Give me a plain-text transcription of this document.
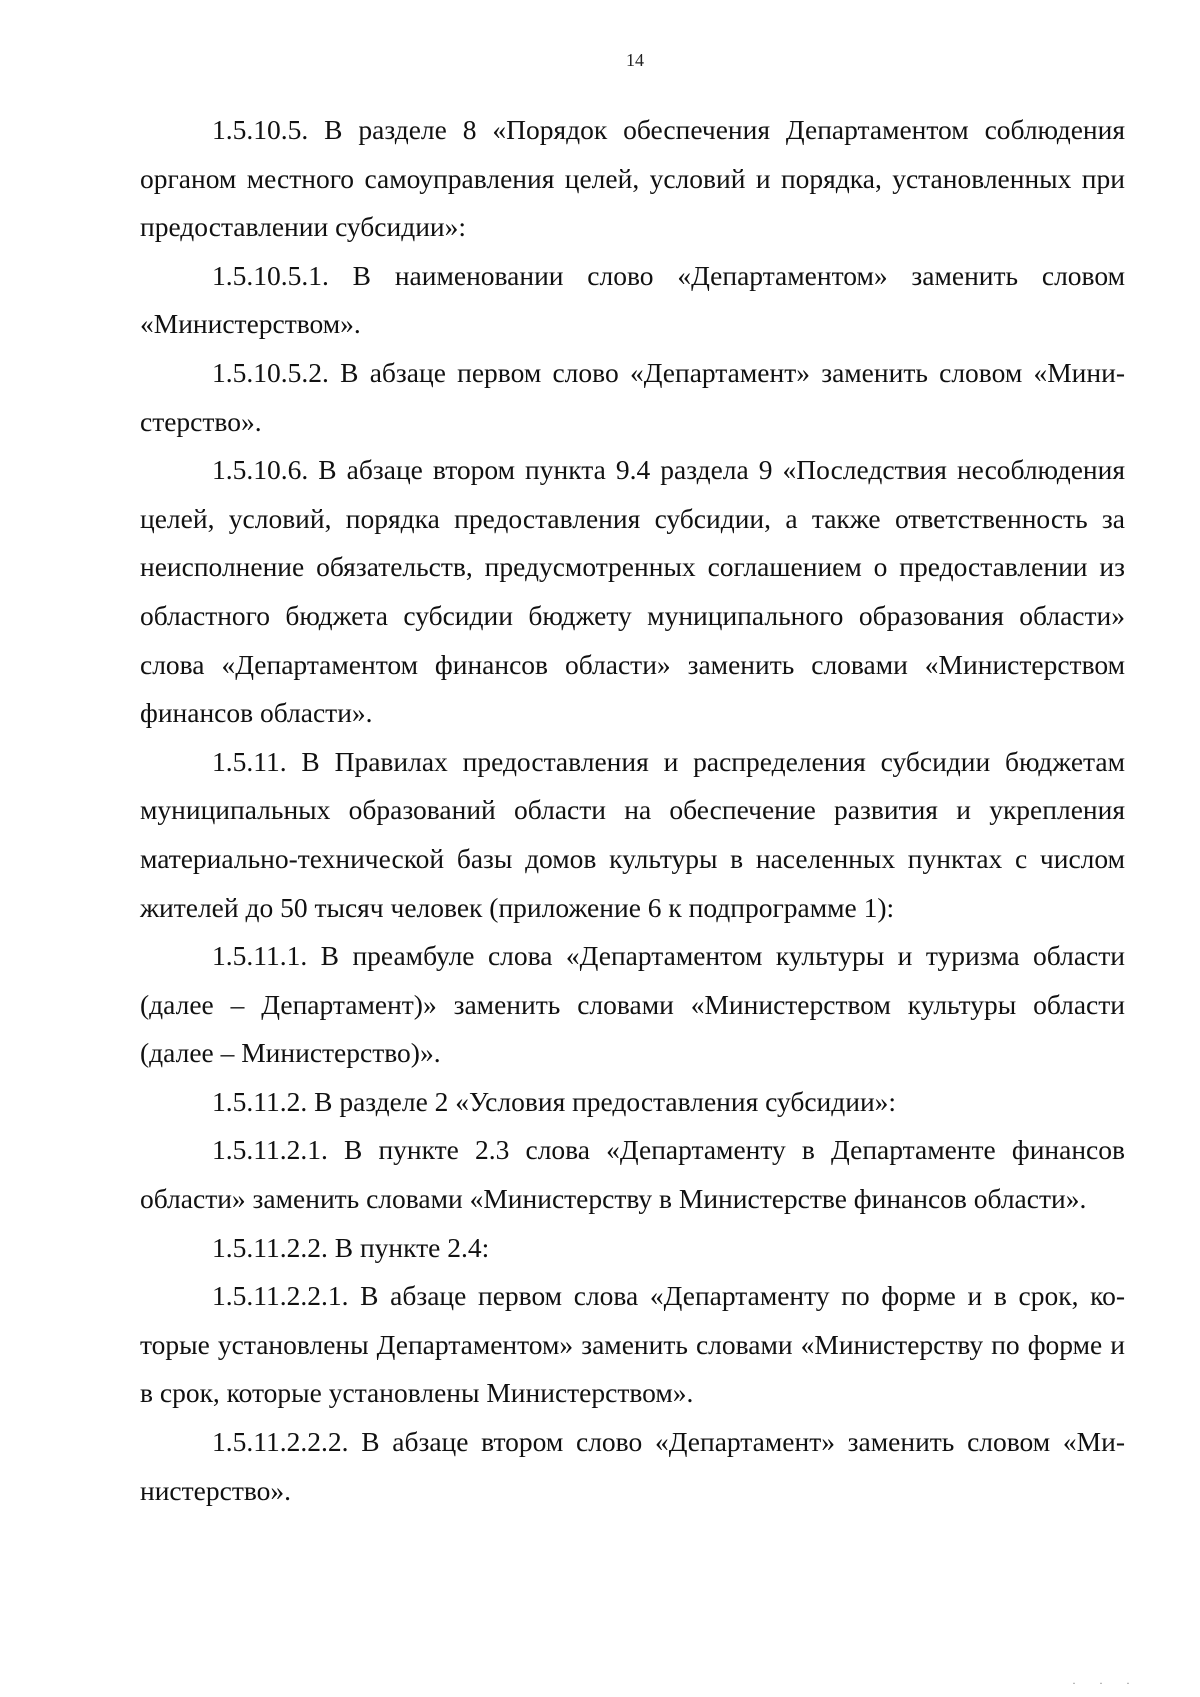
14

1.5.10.5. В разделе 8 «Порядок обеспечения Департаментом соблюдения органом местного самоуправления целей, условий и порядка, установленных при предоставлении субсидии»:

1.5.10.5.1. В наименовании слово «Департаментом» заменить словом «Министерством».

1.5.10.5.2. В абзаце первом слово «Департамент» заменить словом «Министерство».

1.5.10.6. В абзаце втором пункта 9.4 раздела 9 «Последствия несоблюдения целей, условий, порядка предоставления субсидии, а также ответственность за неисполнение обязательств, предусмотренных соглашением о предоставлении из областного бюджета субсидии бюджету муниципального образования области» слова «Департаментом финансов области» заменить словами «Министерством финансов области».

1.5.11. В Правилах предоставления и распределения субсидии бюджетам муниципальных образований области на обеспечение развития и укрепления материально-технической базы домов культуры в населенных пунктах с числом жителей до 50 тысяч человек (приложение 6 к подпрограмме 1):

1.5.11.1. В преамбуле слова «Департаментом культуры и туризма области (далее – Департамент)» заменить словами «Министерством культуры области (далее – Министерство)».

1.5.11.2. В разделе 2 «Условия предоставления субсидии»:

1.5.11.2.1. В пункте 2.3 слова «Департаменту в Департаменте финансов области» заменить словами «Министерству в Министерстве финансов области».

1.5.11.2.2. В пункте 2.4:

1.5.11.2.2.1. В абзаце первом слова «Департаменту по форме и в срок, которые установлены Департаментом» заменить словами «Министерству по форме и в срок, которые установлены Министерством».

1.5.11.2.2.2. В абзаце втором слово «Департамент» заменить словом «Министерство».

· · ·
